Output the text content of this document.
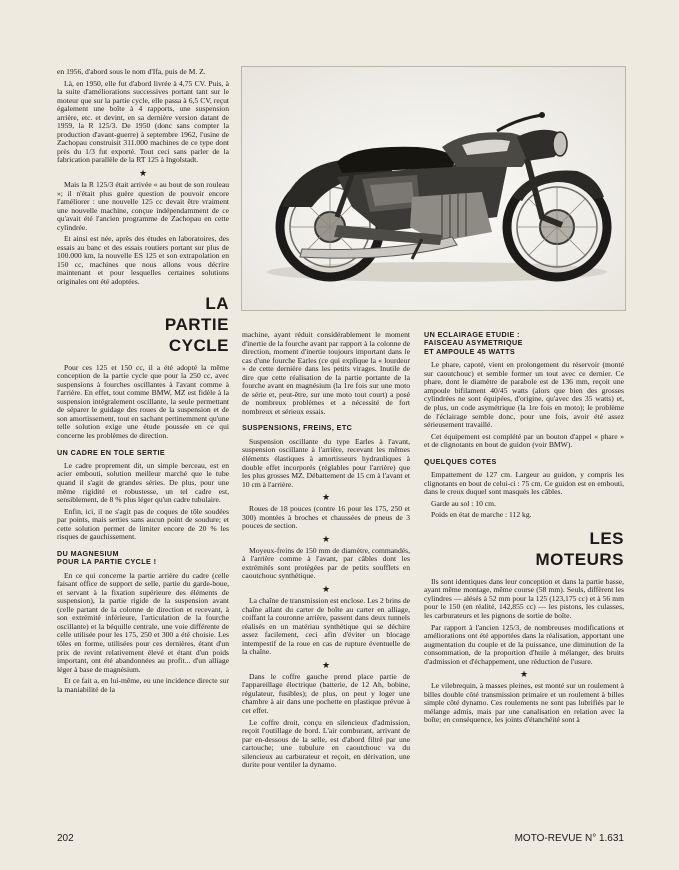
en 1956, d'abord sous le nom d'Ifa, puis de M. Z.

Là, en 1950, elle fut d'abord livrée à 4,75 CV. Puis, à la suite d'améliorations successives portant tant sur le moteur que sur la partie cycle, elle passa à 6,5 CV, reçut également une boîte à 4 rapports, une suspension arrière, etc. et devint, en sa dernière version datant de 1959, la R 125/3. De 1950 (donc sans compter la production d'avant-guerre) à septembre 1962, l'usine de Zachopau construisit 311.000 machines de ce type dont près du 1/3 fut exporté. Tout ceci sans parler de la fabrication parallèle de la RT 125 à Ingolstadt.

★

Mais la R 125/3 était arrivée « au bout de son rouleau »; il n'était plus guère question de pouvoir encore l'améliorer : une nouvelle 125 cc devait être vraiment une nouvelle machine, conçue indépendamment de ce qu'avait été l'ancien programme de Zachopau en cette cylindrée.

Et ainsi est née, après des études en laboratoires, des essais au banc et des essais routiers portant sur plus de 100.000 km, la nouvelle ES 125 et son extrapolation en 150 cc, machines que nous allons vous décrire maintenant et pour lesquelles certaines solutions originales ont été adoptées.

LA
PARTIE
CYCLE

Pour ces 125 et 150 cc, il a été adopté la même conception de la partie cycle que pour la 250 cc, avec suspensions à fourches oscillantes à l'avant comme à l'arrière. En effet, tout comme BMW, MZ est fidèle à la suspension intégralement oscillante, la seule permettant de séparer le guidage des roues de la suspension et de son amortissement, tout en sachant pertinemment qu'une telle solution exige une étude poussée en ce qui concerne les problèmes de direction.

UN CADRE EN TOLE SERTIE

Le cadre proprement dit, un simple berceau, est en acier embouti, solution meilleur marché que le tube quand il s'agit de grandes séries. De plus, pour une même rigidité et robustesse, un tel cadre est, sensiblement, de 8 % plus léger qu'un cadre tubulaire.

Enfin, ici, il ne s'agit pas de coques de tôle soudées par points, mais serties sans aucun point de soudure; et cette solution permet de limiter encore de 20 % les risques de gauchissement.

DU MAGNESIUM
POUR LA PARTIE CYCLE !

En ce qui concerne la partie arrière du cadre (celle faisant office de support de selle, partie du garde-boue, et servant à la fixation supérieure des éléments de suspension), la partie rigide de la suspension avant (celle partant de la colonne de direction et recevant, à son extrémité inférieure, l'articulation de la fourche oscillante) et la béquille centrale, une voie différente de celle utilisée pour les 175, 250 et 300 a été choisie. Les tôles en forme, utilisées pour ces dernières, étant d'un prix de revint relativement élevé et étant d'un poids important, ont été abandonnées au profit... d'un alliage léger à base de magnésium.

Et ce fait a, en lui-même, eu une incidence directe sur la maniabilité de la

machine, ayant réduit considérablement le moment d'inertie de la fourche avant par rapport à la colonne de direction, moment d'inertie toujours important dans le cas d'une fourche Earles (ce qui explique la « lourdeur » de cette dernière dans les petits virages. Inutile de dire que cette réalisation de la partie portante de la fourche avant en magnésium (la 1re fois sur une moto de série et, peut-être, sur une moto tout court) a posé de nombreux problèmes et a nécessité de fort nombreux et sérieux essais.

SUSPENSIONS, FREINS, ETC

Suspension oscillante du type Earles à l'avant, suspension oscillante à l'arrière, recevant les mêmes éléments élastiques à amortisseurs hydrauliques à double effet incorporés (réglables pour l'arrière) que les plus grosses MZ. Débattement de 15 cm à l'avant et 10 cm à l'arrière.

★

Roues de 18 pouces (contre 16 pour les 175, 250 et 300) montées à broches et chaussées de pneus de 3 pouces de section.

★

Moyeux-freins de 150 mm de diamètre, commandés, à l'arrière comme à l'avant, par câbles dont les extrémités sont protégées par de petits soufflets en caoutchouc synthétique.

★

La chaîne de transmission est enclose. Les 2 brins de chaîne allant du carter de boîte au carter en alliage, coiffant la couronne arrière, passent dans deux tunnels réalisés en un matériau synthétique qui se déchire assez facilement, ceci afin d'éviter un blocage intempestif de la roue en cas de rupture éventuelle de la chaîne.

★

Dans le coffre gauche prend place partie de l'appareillage électrique (batterie, de 12 Ah, bobine, régulateur, fusibles); de plus, on peut y loger une chambre à air dans une pochette en plastique prévue à cet effet.

Le coffre droit, conçu en silencieux d'admission, reçoit l'outillage de bord. L'air comburant, arrivant de par en-dessous de la selle, est d'abord filtré par une cartouche; une tubulure en caoutchouc va du silencieux au carburateur et reçoit, en dérivation, une durite pour ventiler la dynamo.

UN ECLAIRAGE ETUDIE :
FAISCEAU ASYMETRIQUE
ET AMPOULE 45 WATTS

Le phare, capoté, vient en prolongement du réservoir (monté sur caoutchouc) et semble former un tout avec ce dernier. Ce phare, dont le diamètre de parabole est de 136 mm, reçoit une ampoule bifilament 40/45 watts (alors que bien des grosses cylindrées ne sont équipées, d'origine, qu'avec des 35 watts) et, de plus, un code asymétrique (la 1re fois en moto); le problème de l'éclairage semble donc, pour une fois, avoir été assez sérieusement travaillé.

Cet équipement est complété par un bouton d'appel « phare » et de clignotants en bout de guidon (voir BMW).

QUELQUES COTES

Empattement de 127 cm. Largeur au guidon, y compris les clignotants en bout de celui-ci : 75 cm. Ce guidon est en embouti, dans le creux duquel sont masqués les câbles.

Garde au sol : 10 cm.

Poids en état de marche : 112 kg.

LES
MOTEURS

Ils sont identiques dans leur conception et dans la partie basse, ayant même montage, même course (58 mm). Seuls, diffèrent les cylindres — alésés à 52 mm pour la 125 (123,175 cc) et à 56 mm pour le 150 (en réalité, 142,855 cc) — les pistons, les culasses, les carburateurs et les pignons de sortie de boîte.

Par rapport à l'ancien 125/3, de nombreuses modifications et améliorations ont été apportées dans la réalisation, apportant une augmentation du couple et de la puissance, une diminution de la consommation, de la proportion d'huile à mélanger, des bruits d'admission et d'échappement, une réduction de l'usure.

★

Le vilebrequin, à masses pleines, est monté sur un roulement à billes double côté transmission primaire et un roulement à billes simple côté dynamo. Ces roulements ne sont pas lubrifiés par le mélange admis, mais par une canalisation en relation avec la boîte; en conséquence, les joints d'étanchéité sont à

202	MOTO-REVUE N° 1.631
